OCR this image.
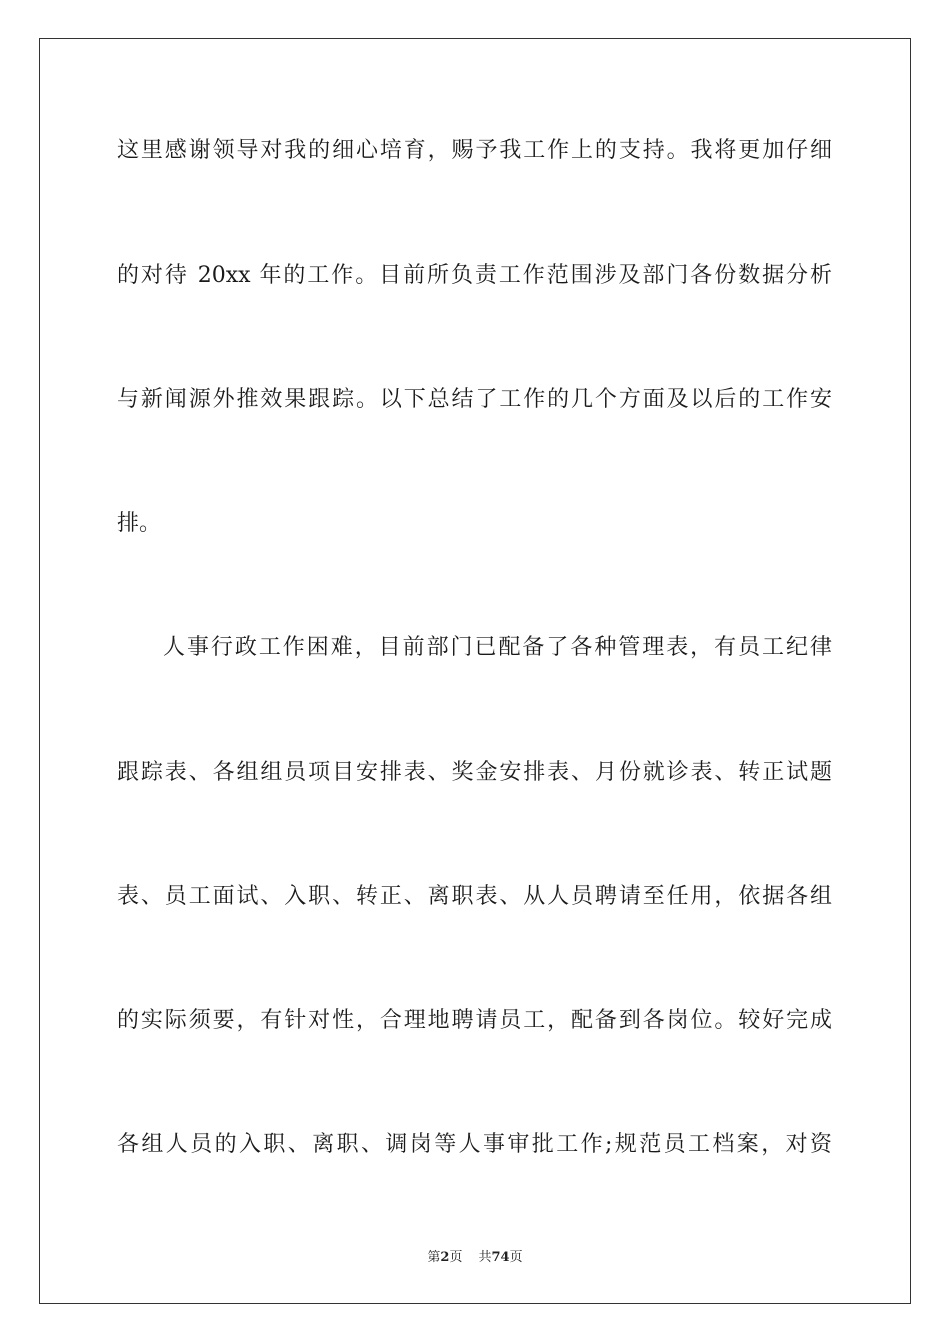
这里感谢领导对我的细心培育，赐予我工作上的支持。我将更加仔细
的对待 20xx 年的工作。目前所负责工作范围涉及部门各份数据分析
与新闻源外推效果跟踪。以下总结了工作的几个方面及以后的工作安
排。
人事行政工作困难，目前部门已配备了各种管理表，有员工纪律
跟踪表、各组组员项目安排表、奖金安排表、月份就诊表、转正试题
表、员工面试、入职、转正、离职表、从人员聘请至任用，依据各组
的实际须要，有针对性，合理地聘请员工，配备到各岗位。较好完成
各组人员的入职、离职、调岗等人事审批工作;规范员工档案，对资
第2页 共74页
